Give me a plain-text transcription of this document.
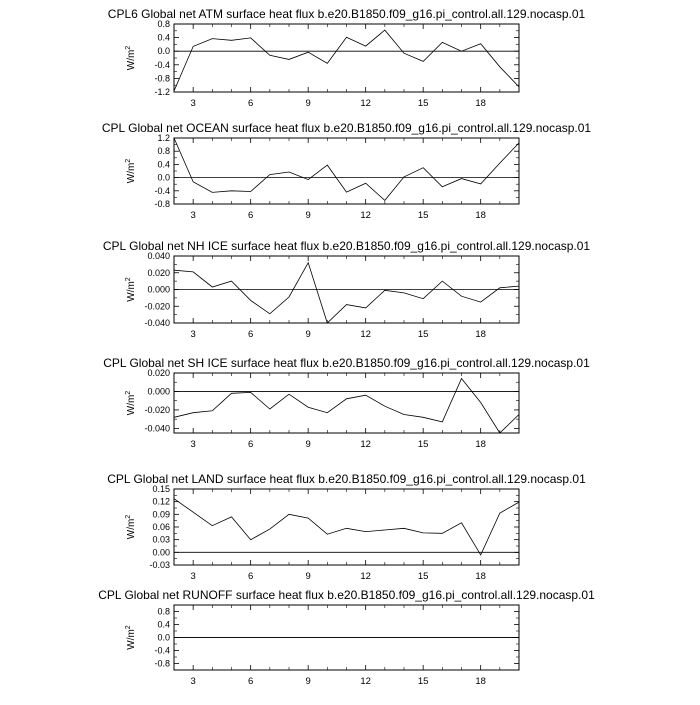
CPL6 Global net ATM surface heat flux b.e20.B1850.f09_g16.pi_control.all.129.nocasp.01
-1.2
-0.8
-0.4
0.0
0.4
0.8
3	6	9	12	15	18
$W/m^2$
CPL Global net OCEAN surface heat flux b.e20.B1850.f09_g16.pi_control.all.129.nocasp.01
-0.8
-0.4
0.0
0.4
0.8
1.2
3	6	9	12	15	18
$W/m^2$
CPL Global net NH ICE surface heat flux b.e20.B1850.f09_g16.pi_control.all.129.nocasp.01
-0.040
-0.020
0.000
0.020
0.040
3	6	9	12	15	18
$W/m^2$
CPL Global net SH ICE surface heat flux b.e20.B1850.f09_g16.pi_control.all.129.nocasp.01
-0.040
-0.020
0.000
0.020
3	6	9	12	15	18
$W/m^2$
CPL Global net LAND surface heat flux b.e20.B1850.f09_g16.pi_control.all.129.nocasp.01
-0.03
0.00
0.03
0.06
0.09
0.12
0.15
3	6	9	12	15	18
$W/m^2$
CPL Global net RUNOFF surface heat flux b.e20.B1850.f09_g16.pi_control.all.129.nocasp.01
-0.8
-0.4
0.0
0.4
0.8
3	6	9	12	15	18
$W/m^2$
